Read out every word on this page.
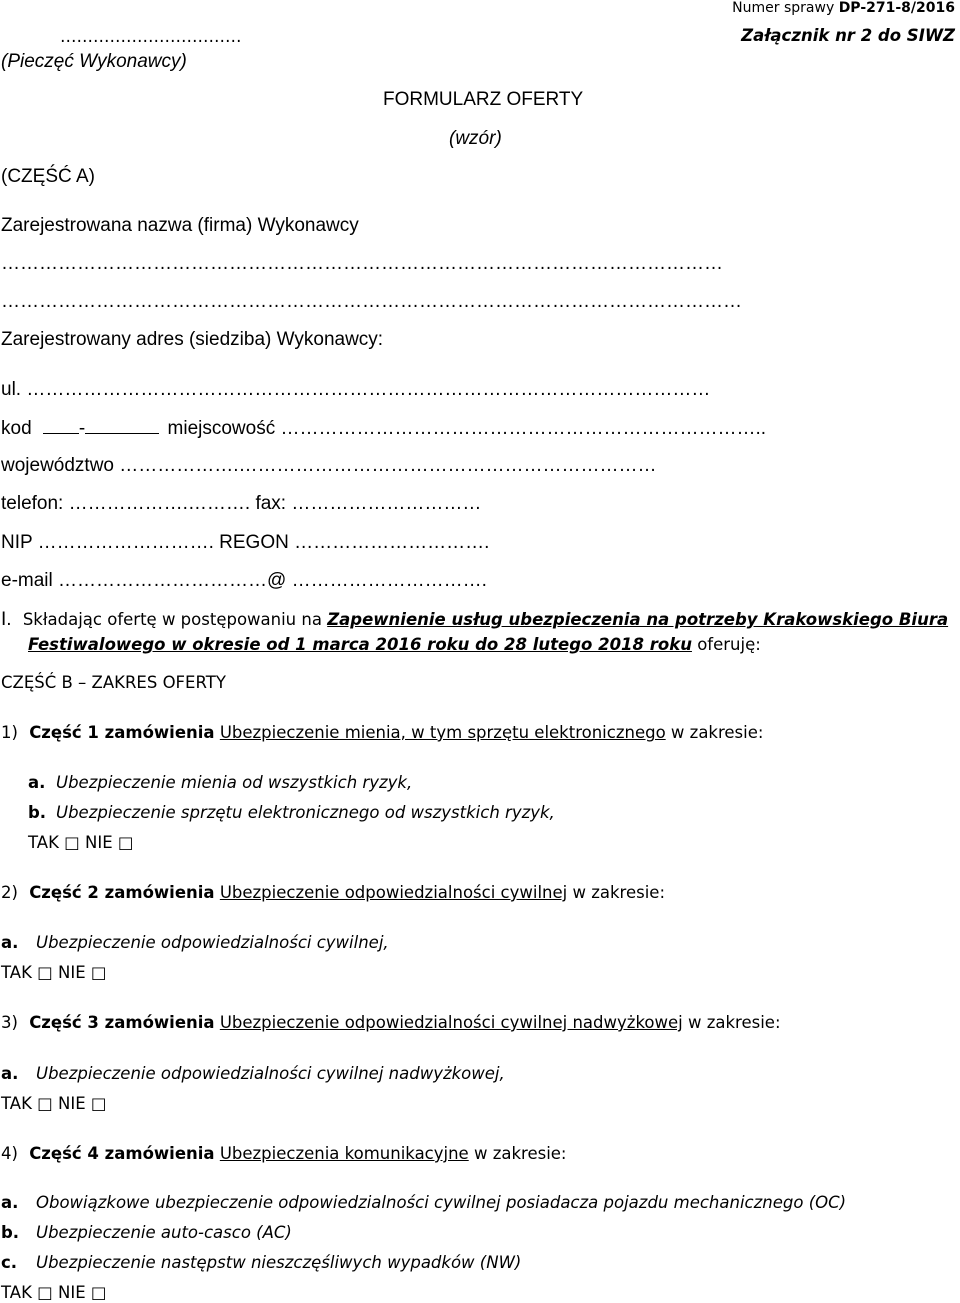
Numer sprawy DP-271-8/2016
Załącznik nr 2 do SIWZ
……………………………
(Pieczęć Wykonawcy)
FORMULARZ OFERTY
(wzór)
(CZĘŚĆ A)
Zarejestrowana nazwa (firma) Wykonawcy
……………………………………………………………………………………………………
………………………………………………………………………………………………………
Zarejestrowany adres (siedziba) Wykonawcy:
ul. ………………………………………………………………………………………………
kod -	miejscowość …………………………………………………………………..
województwo ……………….…………………………………………………………
telefon: ……………….………. fax: …………………………
NIP ………………………. REGON ………………………….
e-mail ……………………………@ ………………………….
I. Składając ofertę w postępowaniu na Zapewnienie usług ubezpieczenia na potrzeby Krakowskiego Biura
Festiwalowego w okresie od 1 marca 2016 roku do 28 lutego 2018 roku oferuję:
CZĘŚĆ B – ZAKRES OFERTY
1) Część 1 zamówienia Ubezpieczenie mienia, w tym sprzętu elektronicznego w zakresie:
a. Ubezpieczenie mienia od wszystkich ryzyk,
b. Ubezpieczenie sprzętu elektronicznego od wszystkich ryzyk,
TAK □ NIE □
2) Część 2 zamówienia Ubezpieczenie odpowiedzialności cywilnej w zakresie:
a. Ubezpieczenie odpowiedzialności cywilnej,
TAK □ NIE □
3) Część 3 zamówienia Ubezpieczenie odpowiedzialności cywilnej nadwyżkowej w zakresie:
a. Ubezpieczenie odpowiedzialności cywilnej nadwyżkowej,
TAK □ NIE □
4) Część 4 zamówienia Ubezpieczenia komunikacyjne w zakresie:
a. Obowiązkowe ubezpieczenie odpowiedzialności cywilnej posiadacza pojazdu mechanicznego (OC)
b. Ubezpieczenie auto-casco (AC)
c. Ubezpieczenie następstw nieszczęśliwych wypadków (NW)
TAK □ NIE □
